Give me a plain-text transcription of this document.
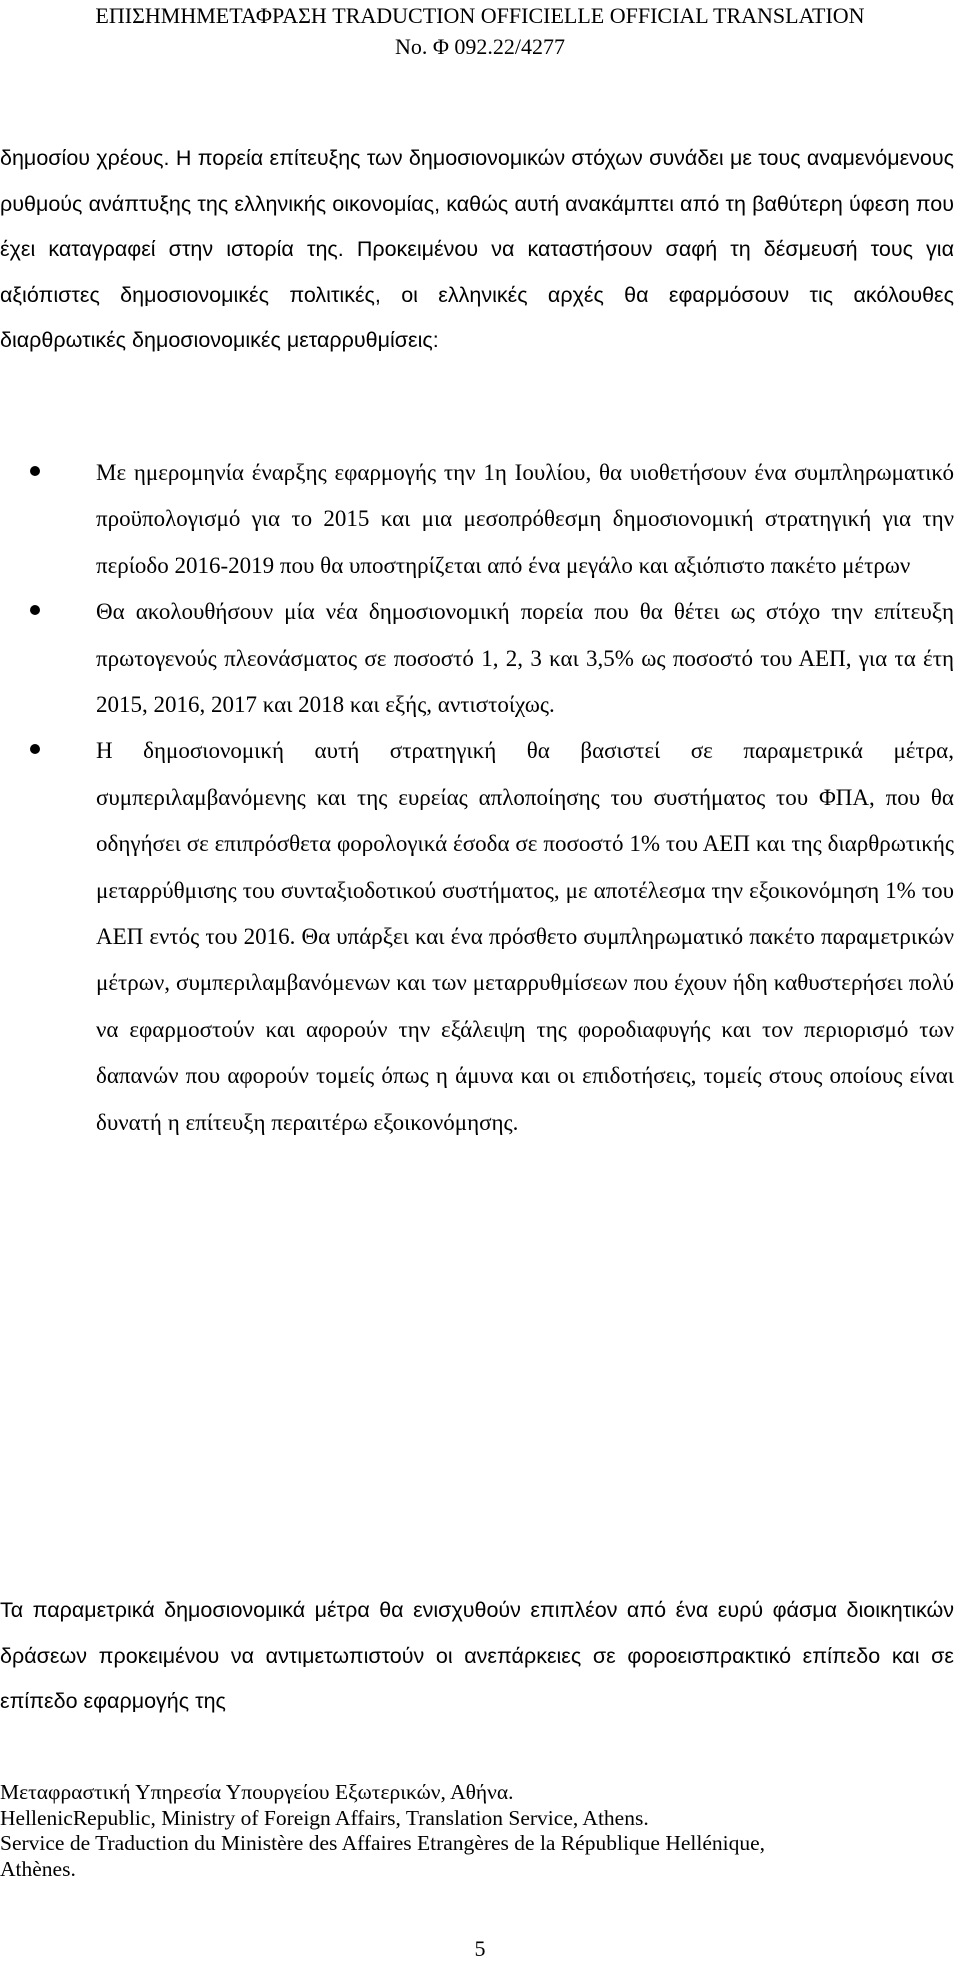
ΕΠΙΣΗΜΗΜΕΤΑΦΡΑΣΗ TRADUCTION OFFICIELLE OFFICIAL TRANSLATION
No. Φ 092.22/4277

δημοσίου χρέους. Η πορεία επίτευξης των δημοσιονομικών στόχων συνάδει με τους αναμενόμενους ρυθμούς ανάπτυξης της ελληνικής οικονομίας, καθώς αυτή ανακάμπτει από τη βαθύτερη ύφεση που έχει καταγραφεί στην ιστορία της. Προκειμένου να καταστήσουν σαφή τη δέσμευσή τους για αξιόπιστες δημοσιονομικές πολιτικές, οι ελληνικές αρχές θα εφαρμόσουν τις ακόλουθες διαρθρωτικές δημοσιονομικές μεταρρυθμίσεις:

Με ημερομηνία έναρξης εφαρμογής την 1η Ιουλίου, θα υιοθετήσουν ένα συμπληρωματικό προϋπολογισμό για το 2015 και μια μεσοπρόθεσμη δημοσιονομική στρατηγική για την περίοδο 2016-2019 που θα υποστηρίζεται από ένα μεγάλο και αξιόπιστο πακέτο μέτρων
Θα ακολουθήσουν μία νέα δημοσιονομική πορεία που θα θέτει ως στόχο την επίτευξη πρωτογενούς πλεονάσματος σε ποσοστό 1, 2, 3 και 3,5% ως ποσοστό του ΑΕΠ, για τα έτη 2015, 2016, 2017 και 2018 και εξής, αντιστοίχως.
Η δημοσιονομική αυτή στρατηγική θα βασιστεί σε παραμετρικά μέτρα, συμπεριλαμβανόμενης και της ευρείας απλοποίησης του συστήματος του ΦΠΑ, που θα οδηγήσει σε επιπρόσθετα φορολογικά έσοδα σε ποσοστό 1% του ΑΕΠ και της διαρθρωτικής μεταρρύθμισης του συνταξιοδοτικού συστήματος, με αποτέλεσμα την εξοικονόμηση 1% του ΑΕΠ εντός του 2016. Θα υπάρξει και ένα πρόσθετο συμπληρωματικό πακέτο παραμετρικών μέτρων, συμπεριλαμβανόμενων και των μεταρρυθμίσεων που έχουν ήδη καθυστερήσει πολύ να εφαρμοστούν και αφορούν την εξάλειψη της φοροδιαφυγής και τον περιορισμό των δαπανών που αφορούν τομείς όπως η άμυνα και οι επιδοτήσεις, τομείς στους οποίους είναι δυνατή η επίτευξη περαιτέρω εξοικονόμησης.

Τα παραμετρικά δημοσιονομικά μέτρα θα ενισχυθούν επιπλέον από ένα ευρύ φάσμα διοικητικών δράσεων προκειμένου να αντιμετωπιστούν οι ανεπάρκειες σε φοροεισπρακτικό επίπεδο και σε επίπεδο εφαρμογής της

Μεταφραστική Υπηρεσία Υπουργείου Εξωτερικών, Αθήνα.
HellenicRepublic, Ministry of Foreign Affairs, Translation Service, Athens.
Service de Traduction du Ministère des Affaires Etrangères de la République Hellénique,
Athènes.
5
